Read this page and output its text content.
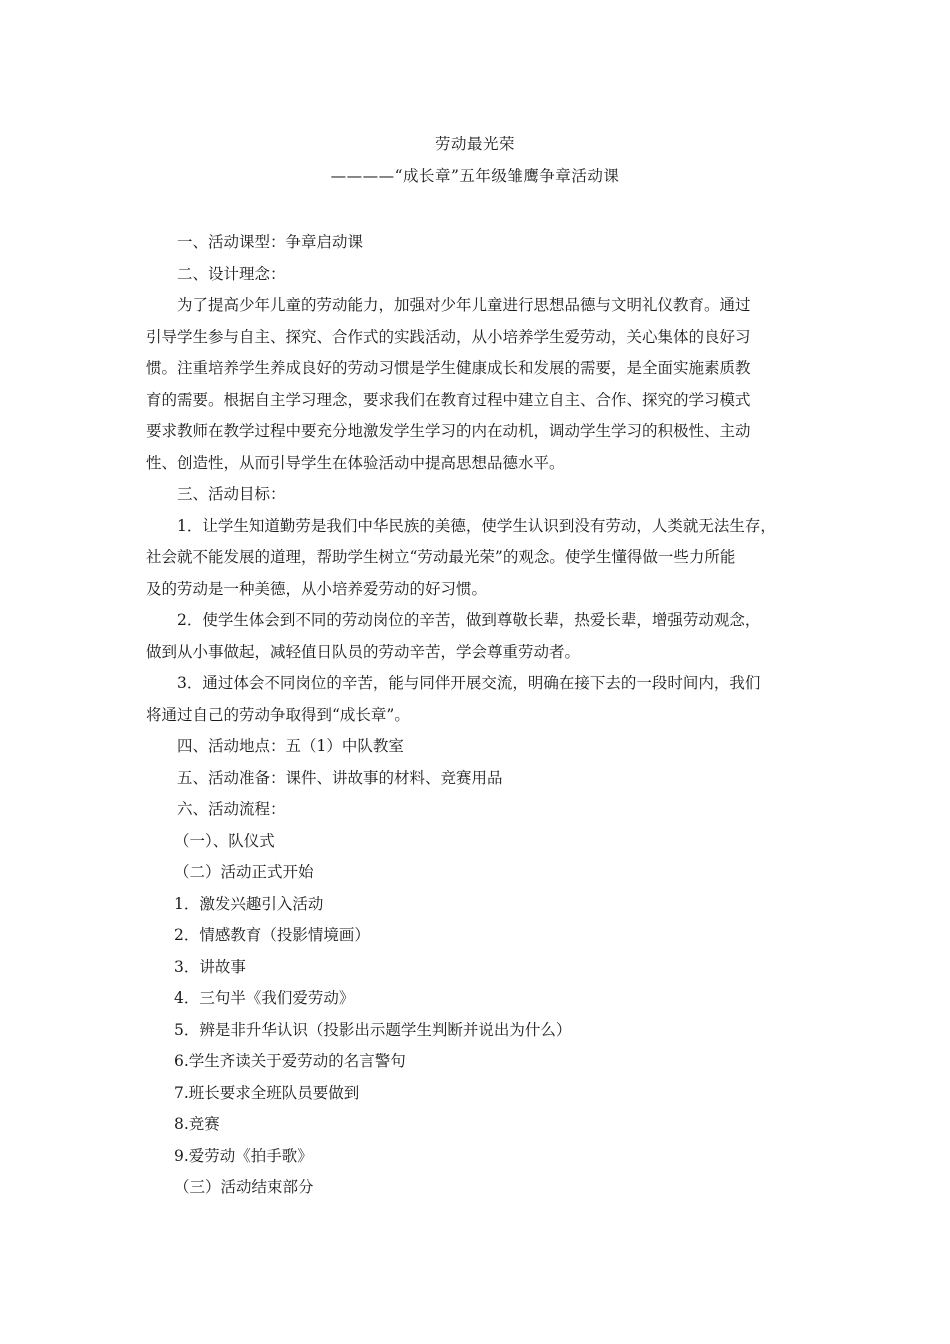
劳动最光荣
————“成长章”五年级雏鹰争章活动课

一、活动课型：争章启动课

二、设计理念：

为了提高少年儿童的劳动能力，加强对少年儿童进行思想品德与文明礼仪教育。通过
引导学生参与自主、探究、合作式的实践活动，从小培养学生爱劳动，关心集体的良好习
惯。注重培养学生养成良好的劳动习惯是学生健康成长和发展的需要，是全面实施素质教
育的需要。根据自主学习理念，要求我们在教育过程中建立自主、合作、探究的学习模式
要求教师在教学过程中要充分地激发学生学习的内在动机，调动学生学习的积极性、主动
性、创造性，从而引导学生在体验活动中提高思想品德水平。

三、活动目标：

1．让学生知道勤劳是我们中华民族的美德，使学生认识到没有劳动，人类就无法生存，
社会就不能发展的道理，帮助学生树立“劳动最光荣”的观念。使学生懂得做一些力所能
及的劳动是一种美德，从小培养爱劳动的好习惯。

2．使学生体会到不同的劳动岗位的辛苦，做到尊敬长辈，热爱长辈，增强劳动观念，
做到从小事做起，减轻值日队员的劳动辛苦，学会尊重劳动者。

3．通过体会不同岗位的辛苦，能与同伴开展交流，明确在接下去的一段时间内，我们
将通过自己的劳动争取得到“成长章”。

四、活动地点：五（1）中队教室

五、活动准备：课件、讲故事的材料、竞赛用品

六、活动流程：

（一）、队仪式

（二）活动正式开始

1．激发兴趣引入活动

2．情感教育（投影情境画）

3．讲故事

4．三句半《我们爱劳动》

5．辨是非升华认识（投影出示题学生判断并说出为什么）

6.学生齐读关于爱劳动的名言警句

7.班长要求全班队员要做到

8.竞赛

9.爱劳动《拍手歌》

（三）活动结束部分
